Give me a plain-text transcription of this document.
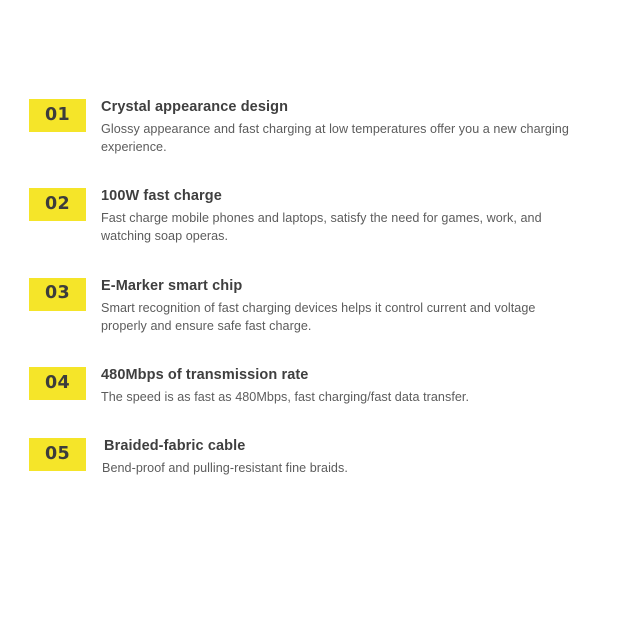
01 Crystal appearance design

Glossy appearance and fast charging at low temperatures offer you a new charging experience.

02 100W fast charge

Fast charge mobile phones and laptops, satisfy the need for games, work, and watching soap operas.

03 E-Marker smart chip

Smart recognition of fast charging devices helps it control current and voltage properly and ensure safe fast charge.

04 480Mbps of transmission rate

The speed is as fast as 480Mbps, fast charging/fast data transfer.

05 Braided-fabric cable

Bend-proof and pulling-resistant fine braids.
